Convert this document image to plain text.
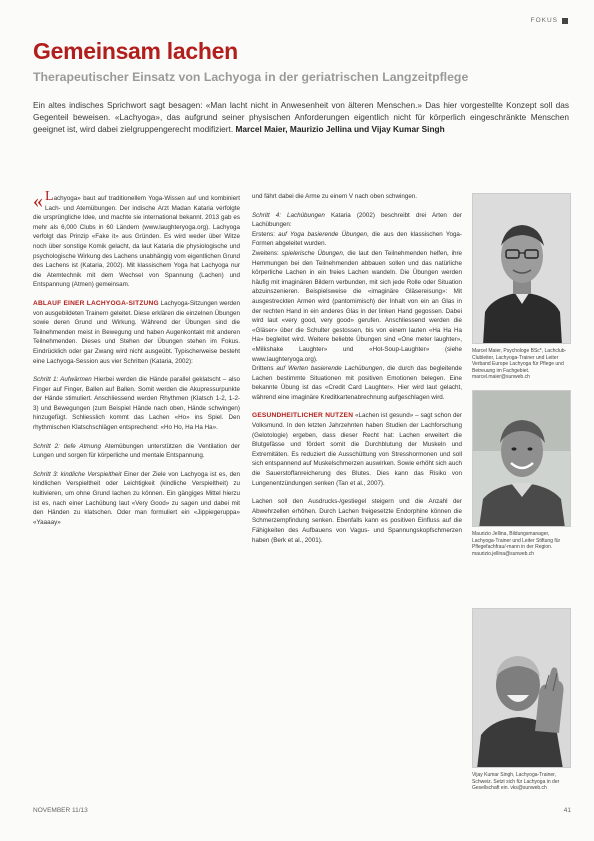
FOKUS
Gemeinsam lachen
Therapeutischer Einsatz von Lachyoga in der geriatrischen Langzeitpflege
Ein altes indisches Sprichwort sagt besagen: «Man lacht nicht in Anwesenheit von älteren Menschen.» Das hier vorgestellte Konzept soll das Gegenteil beweisen. «Lachyoga», das aufgrund seiner physischen Anforderungen eigentlich nicht für körperlich eingeschränkte Menschen geeignet ist, wird dabei zielgruppengerecht modifiziert. Marcel Maier, Maurizio Jellina und Vijay Kumar Singh

« Lachyoga» baut auf traditionellem Yoga-Wissen auf und kombiniert Lach- und Atemübungen. Der indische Arzt Madan Kataria verfolgte die ursprüngliche Idee, und machte sie international bekannt. 2013 gab es mehr als 6,000 Clubs in 60 Ländern (www.laughteryoga.org). Lachyoga verfolgt das Prinzip «Fake it» aus Gründen. Es wird weder über Witze noch über sonstige Komik gelacht, da laut Kataria die physiologische und psychologische Wirkung des Lachens unabhängig vom eigentlichen Grund des Lachens ist (Kataria, 2002). Mit klassischem Yoga hat Lachyoga nur die Atemtechnik mit dem Wechsel von Spannung (Lachen) und Entspannung (Atmen) gemeinsam.

ABLAUF EINER LACHYOGA-SITZUNG Lachyoga-Sitzungen werden von ausgebildeten Trainern geleitet. Diese erklären die einzelnen Übungen sowie deren Grund und Wirkung. Während der Übungen sind die Teilnehmenden meist in Bewegung und haben Augenkontakt mit anderen Teilnehmenden. Dieses und Stehen der Übungen stehen im Fokus. Eindrücklich oder gar Zwang wird nicht ausgeübt. Typischerweise besteht eine Lachyoga-Session aus vier Schritten (Kataria, 2002):

Schritt 1: Aufwärmen Hierbei werden die Hände parallel geklatscht – also Finger auf Finger, Ballen auf Ballen. Somit werden die Akupressurpunkte der Hände stimuliert. Anschliessend werden Rhythmen (Klatsch 1-2, 1-2-3) und Bewegungen (zum Beispiel Hände nach oben, Hände schwingen) hinzugefügt. Schliesslich kommt das Lachen «Ho» ins Spiel. Den rhythmischen Klatschschlägen entsprechend: «Ho Ho, Ha Ha Ha».

Schritt 2: tiefe Atmung Atemübungen unterstützen die Ventilation der Lungen und sorgen für körperliche und mentale Entspannung.

Schritt 3: kindliche Verspieltheit Einer der Ziele von Lachyoga ist es, den kindlichen Verspieltheit oder Leichtigkeit (kindliche Verspieltheit) zu kultivieren, um ohne Grund lachen zu können. Ein gängiges Mittel hierzu ist es, nach einer Lachübung laut «Very Good» zu sagen und dabei mit den Händen zu klatschen. Oder man formuliert ein «Jippiegeruppa» «Yaaaay»

und fährt dabei die Arme zu einem V nach oben schwingen.

Schritt 4: Lachübungen Kataria (2002) beschreibt drei Arten der Lachübungen:
Erstens: auf Yoga basierende Übungen, die aus den klassischen Yoga-Formen abgeleitet wurden.
Zweitens: spielerische Übungen, die laut den Teilnehmenden helfen, ihre Hemmungen bei den Teilnehmenden abbauen sollen und das natürliche körperliche Lachen in ein freies Lachen wandeln. Die Übungen werden häufig mit imaginären Bildern verbunden, mit sich jede Rolle oder Situation abzuinszenieren. Beispielsweise die «imaginäre Gläsereisung»: Mit ausgestreckten Armen wird (pantomimisch) der Inhalt von ein an Glas in der rechten Hand in ein anderes Glas in der linken Hand gegossen. Dabei wird laut «very good, very good» gerufen. Anschliessend werden die «Gläser» über die Schulter gestossen, bis von einem lauten «Ha Ha Ha Ha» begleitet wird. Weitere beliebte Übungen sind «One meter laughter», «Milkshake Laughter» und «Hot-Soup-Laughter» (siehe www.laughteryoga.org).
Drittens auf Werten basierende Lachübungen, die durch das begleitende Lachen bestimmte Situationen mit positiven Emotionen belegen. Eine bekannte Übung ist das «Credit Card Laughter». Hier wird laut gelacht, während eine imaginäre Kreditkartenabrechnung aufgeschlagen wird.

GESUNDHEITLICHER NUTZEN «Lachen ist gesund» – sagt schon der Volksmund. In den letzten Jahrzehnten haben Studien der Lachforschung (Gelotologie) ergeben, dass dieser Recht hat: Lachen erweitert die Blutgefässe und fördert somit die Durchblutung der Muskeln und Extremitäten. Es reduziert die Ausschüttung von Stresshormonen und soll sich entspannend auf Muskelschmerzen auswirken. Sowie erhöht sich auch die Sauerstoffanreicherung des Blutes. Dies kann das Risiko von Lungenentzündungen senken (Tan et al., 2007).

Lachen soll den Ausdrucks-/gestiegel steigern und die Anzahl der Abwehrzellen erhöhen. Durch Lachen freigesetzte Endorphine können die Schmerzempfindung senken. Ebenfalls kann es positiven Einfluss auf die Fähigkeiten des Aufbauens von Vagus- und Spannungskopfschmerzen haben (Berk et al., 2001).

Marcel Maier, Psychologe BSc*, Lachclub-Clubleiter, Lachyoga-Trainer und Leiter Verband Europe Lachyoga für Pflege und Betreuung im Fachgebiet. marcel.maier@sunweb.ch
Maurizio Jellina, Bildungsmanager, Lachyoga-Trainer und Leiter Stiftung für Pflegefachfrau/-mann in der Region. maurizio.jellina@sunweb.ch
Vijay Kumar Singh, Lachyoga-Trainer, Schweiz. Setzt sich für Lachyoga in der Gesellschaft ein. vks@sunweb.ch
NOVEMBER 11/13	41
